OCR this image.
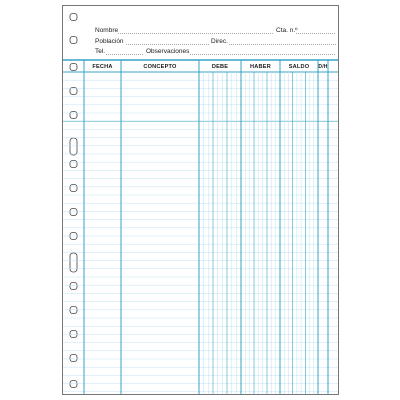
Nombre	Cta. n.º
Población	Direc.
Tel.	Observaciones
FECHA	CONCEPTO	DEBE	HABER	SALDO	D/H
